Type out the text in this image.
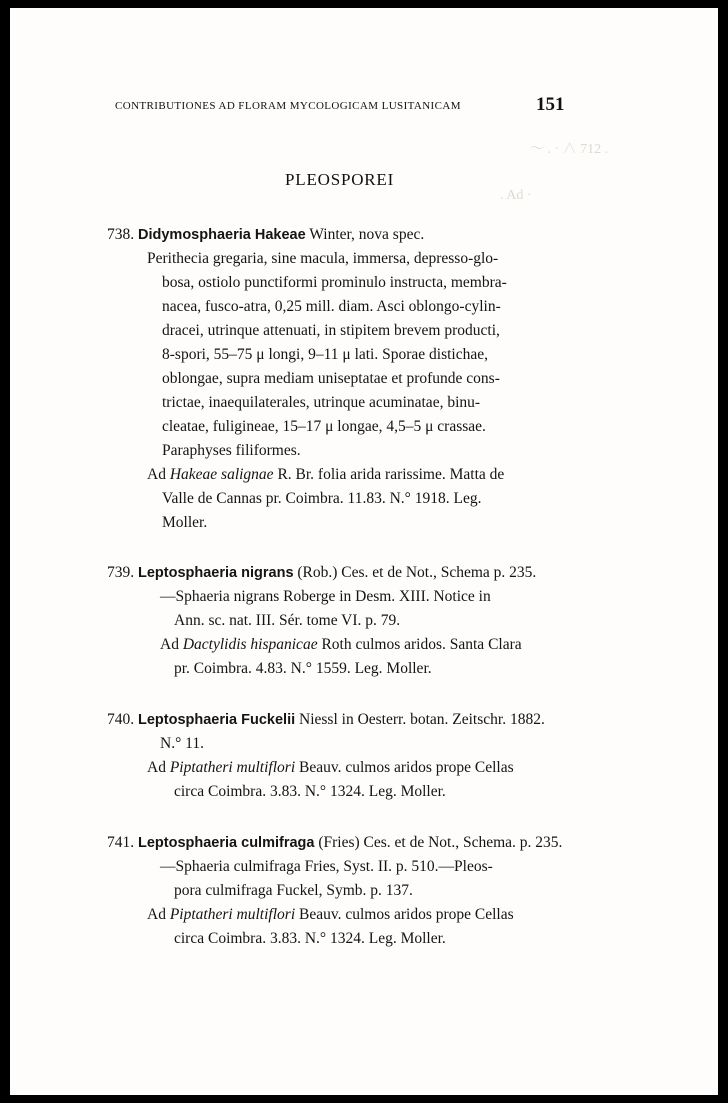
〜 . · ∧ 712 .
. Ad ·
CONTRIBUTIONES AD FLORAM MYCOLOGICAM LUSITANICAM	151
PLEOSPOREI
738. Didymosphaeria Hakeae Winter, nova spec.
Perithecia gregaria, sine macula, immersa, depresso-glo-
bosa, ostiolo punctiformi prominulo instructa, membra-
nacea, fusco-atra, 0,25 mill. diam. Asci oblongo-cylin-
dracei, utrinque attenuati, in stipitem brevem producti,
8-spori, 55–75 μ longi, 9–11 μ lati. Sporae distichae,
oblongae, supra mediam uniseptatae et profunde cons-
trictae, inaequilaterales, utrinque acuminatae, binu-
cleatae, fuligineae, 15–17 μ longae, 4,5–5 μ crassae.
Paraphyses filiformes.
Ad Hakeae salignae R. Br. folia arida rarissime. Matta de
Valle de Cannas pr. Coimbra. 11.83. N.° 1918. Leg.
Moller.
739. Leptosphaeria nigrans (Rob.) Ces. et de Not., Schema p. 235.
—Sphaeria nigrans Roberge in Desm. XIII. Notice in
Ann. sc. nat. III. Sér. tome VI. p. 79.
Ad Dactylidis hispanicae Roth culmos aridos. Santa Clara
pr. Coimbra. 4.83. N.° 1559. Leg. Moller.
740. Leptosphaeria Fuckelii Niessl in Oesterr. botan. Zeitschr. 1882.
N.° 11.
Ad Piptatheri multiflori Beauv. culmos aridos prope Cellas
circa Coimbra. 3.83. N.° 1324. Leg. Moller.
741. Leptosphaeria culmifraga (Fries) Ces. et de Not., Schema. p. 235.
—Sphaeria culmifraga Fries, Syst. II. p. 510.—Pleos-
pora culmifraga Fuckel, Symb. p. 137.
Ad Piptatheri multiflori Beauv. culmos aridos prope Cellas
circa Coimbra. 3.83. N.° 1324. Leg. Moller.
